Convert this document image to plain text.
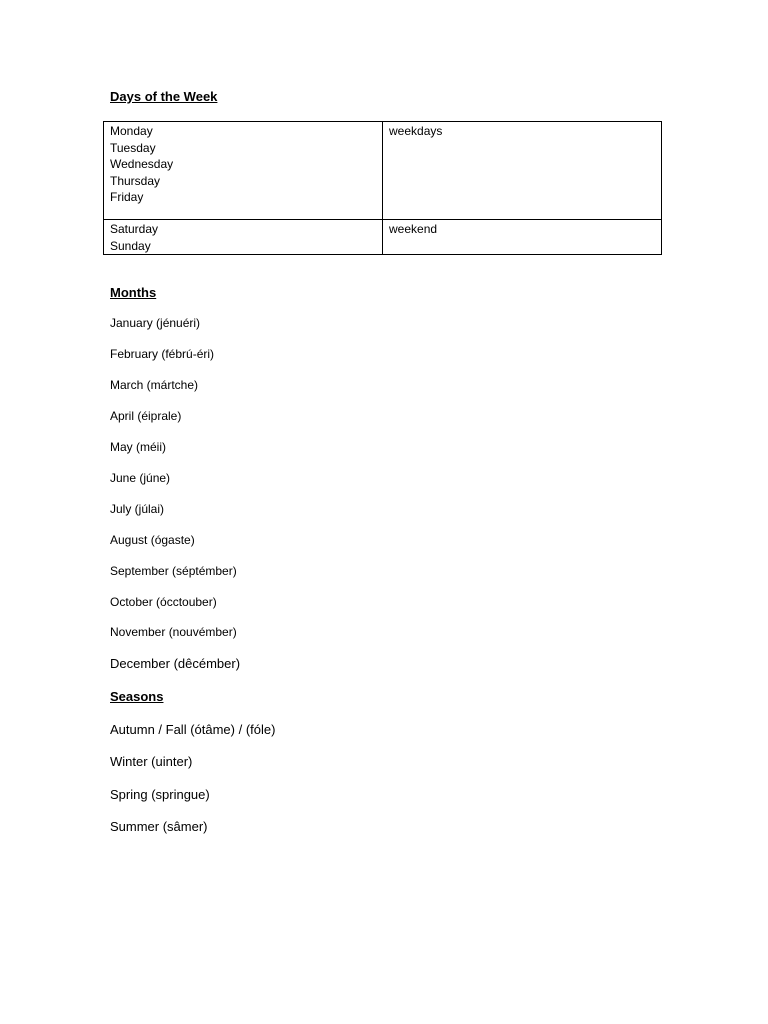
Days of the Week
Monday
Tuesday
Wednesday
Thursday
Friday	weekdays

Saturday
Sunday	weekend
Months
January (jénuéri)
February (fébrú-éri)
March (mártche)
April (éiprale)
May (méii)
June (júne)
July (júlai)
August (ógaste)
September (séptémber)
October (ócctouber)
November (nouvémber)
December (dêcémber)
Seasons
Autumn / Fall (ótâme) / (fóle)
Winter (uinter)
Spring (springue)
Summer (sâmer)
